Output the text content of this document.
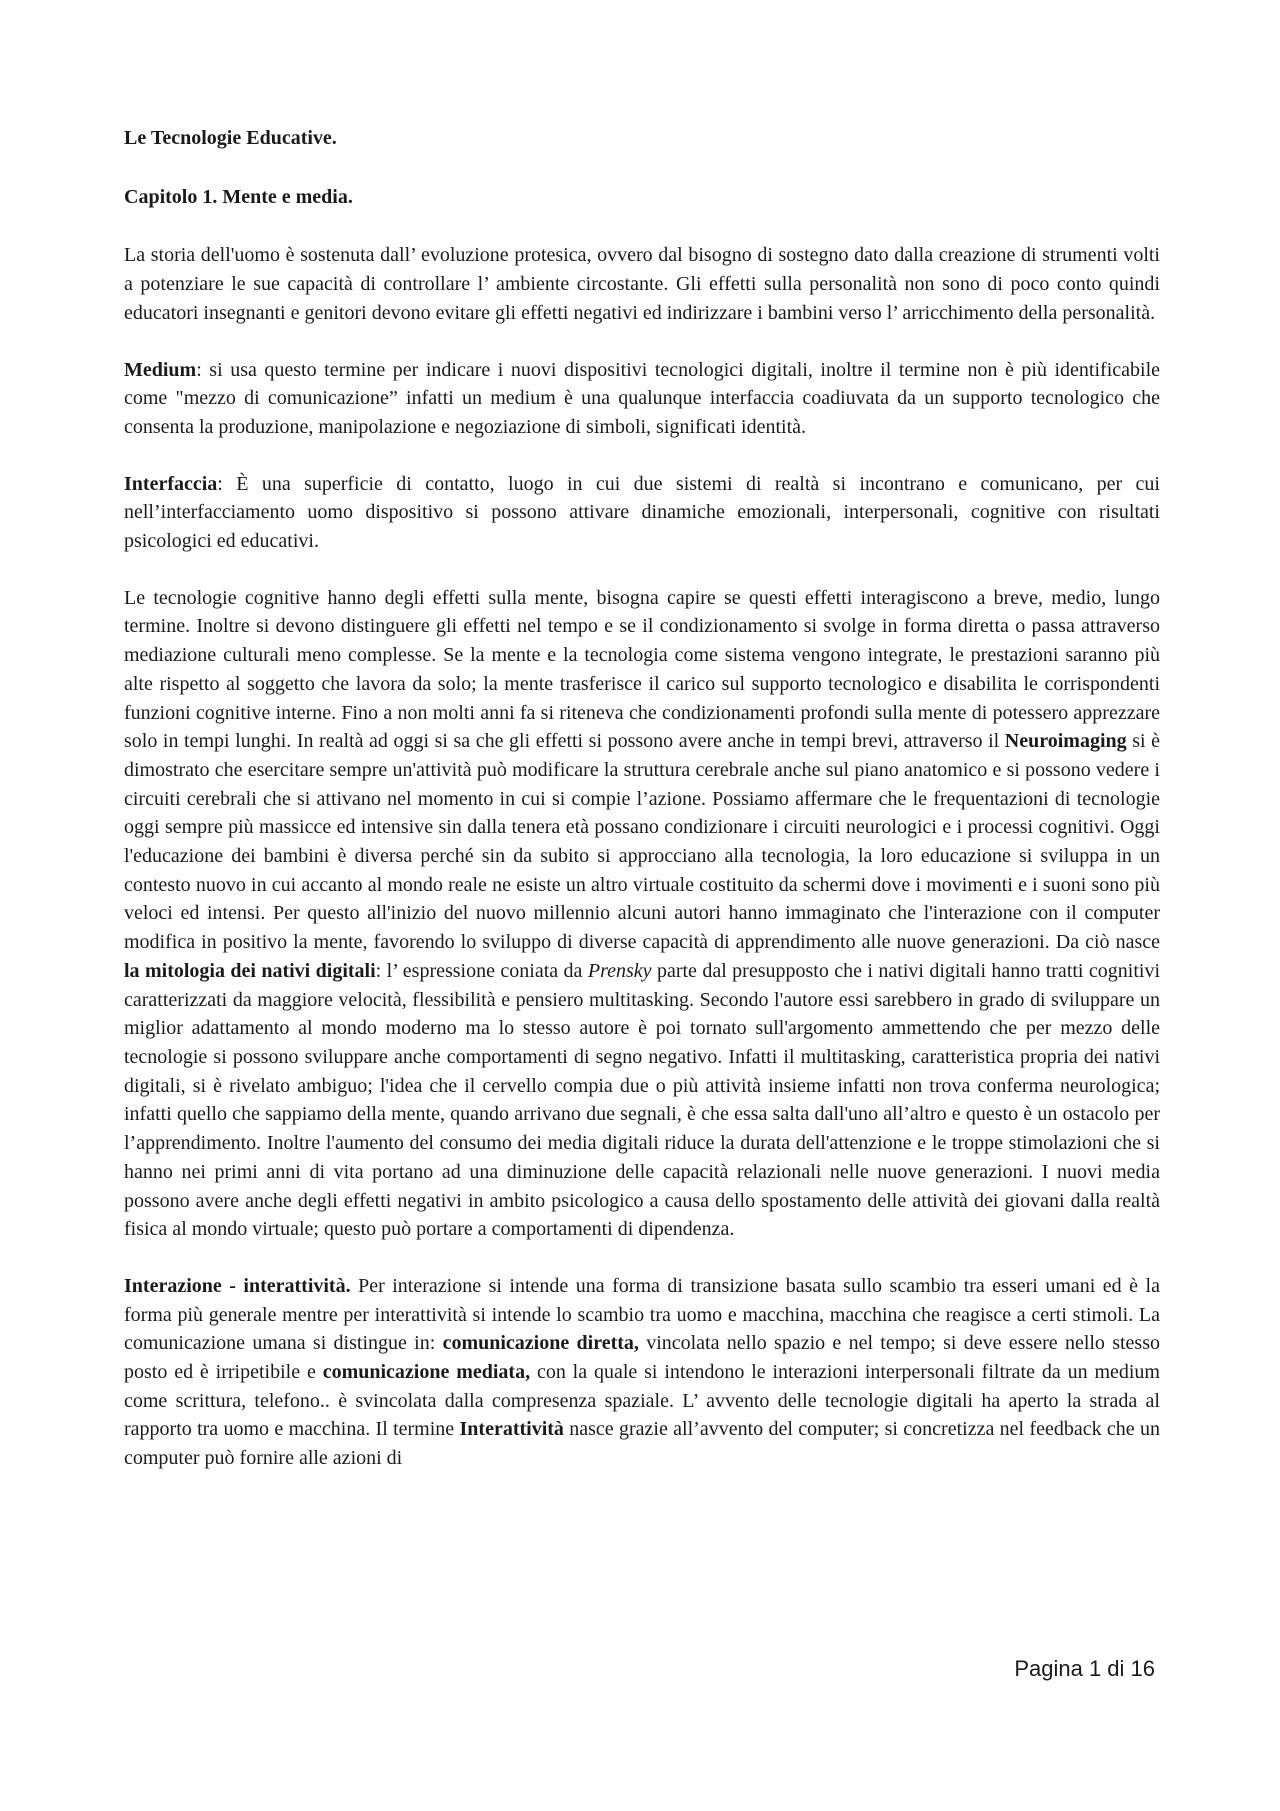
Le Tecnologie Educative.
Capitolo 1. Mente e media.
La storia dell'uomo è sostenuta dall’ evoluzione protesica, ovvero dal bisogno di sostegno dato dalla creazione di strumenti volti a potenziare le sue capacità di controllare l’ ambiente circostante. Gli effetti sulla personalità non sono di poco conto quindi educatori insegnanti e genitori devono evitare gli effetti negativi ed indirizzare i bambini verso l’ arricchimento della personalità.
Medium: si usa questo termine per indicare i nuovi dispositivi tecnologici digitali, inoltre il termine non è più identificabile come "mezzo di comunicazione” infatti un medium è una qualunque interfaccia coadiuvata da un supporto tecnologico che consenta la produzione, manipolazione e negoziazione di simboli, significati identità.
Interfaccia: È una superficie di contatto, luogo in cui due sistemi di realtà si incontrano e comunicano, per cui nell’interfacciamento uomo dispositivo si possono attivare dinamiche emozionali, interpersonali, cognitive con risultati psicologici ed educativi.
Le tecnologie cognitive hanno degli effetti sulla mente, bisogna capire se questi effetti interagiscono a breve, medio, lungo termine. Inoltre si devono distinguere gli effetti nel tempo e se il condizionamento si svolge in forma diretta o passa attraverso mediazione culturali meno complesse. Se la mente e la tecnologia come sistema vengono integrate, le prestazioni saranno più alte rispetto al soggetto che lavora da solo; la mente trasferisce il carico sul supporto tecnologico e disabilita le corrispondenti funzioni cognitive interne. Fino a non molti anni fa si riteneva che condizionamenti profondi sulla mente di potessero apprezzare solo in tempi lunghi. In realtà ad oggi si sa che gli effetti si possono avere anche in tempi brevi, attraverso il Neuroimaging si è dimostrato che esercitare sempre un'attività può modificare la struttura cerebrale anche sul piano anatomico e si possono vedere i circuiti cerebrali che si attivano nel momento in cui si compie l’azione. Possiamo affermare che le frequentazioni di tecnologie oggi sempre più massicce ed intensive sin dalla tenera età possano condizionare i circuiti neurologici e i processi cognitivi. Oggi l'educazione dei bambini è diversa perché sin da subito si approcciano alla tecnologia, la loro educazione si sviluppa in un contesto nuovo in cui accanto al mondo reale ne esiste un altro virtuale costituito da schermi dove i movimenti e i suoni sono più veloci ed intensi. Per questo all'inizio del nuovo millennio alcuni autori hanno immaginato che l'interazione con il computer modifica in positivo la mente, favorendo lo sviluppo di diverse capacità di apprendimento alle nuove generazioni. Da ciò nasce la mitologia dei nativi digitali: l’ espressione coniata da Prensky parte dal presupposto che i nativi digitali hanno tratti cognitivi caratterizzati da maggiore velocità, flessibilità e pensiero multitasking. Secondo l'autore essi sarebbero in grado di sviluppare un miglior adattamento al mondo moderno ma lo stesso autore è poi tornato sull'argomento ammettendo che per mezzo delle tecnologie si possono sviluppare anche comportamenti di segno negativo. Infatti il multitasking, caratteristica propria dei nativi digitali, si è rivelato ambiguo; l'idea che il cervello compia due o più attività insieme infatti non trova conferma neurologica; infatti quello che sappiamo della mente, quando arrivano due segnali, è che essa salta dall'uno all’altro e questo è un ostacolo per l’apprendimento. Inoltre l'aumento del consumo dei media digitali riduce la durata dell'attenzione e le troppe stimolazioni che si hanno nei primi anni di vita portano ad una diminuzione delle capacità relazionali nelle nuove generazioni. I nuovi media possono avere anche degli effetti negativi in ambito psicologico a causa dello spostamento delle attività dei giovani dalla realtà fisica al mondo virtuale; questo può portare a comportamenti di dipendenza.
Interazione - interattività. Per interazione si intende una forma di transizione basata sullo scambio tra esseri umani ed è la forma più generale mentre per interattività si intende lo scambio tra uomo e macchina, macchina che reagisce a certi stimoli. La comunicazione umana si distingue in: comunicazione diretta, vincolata nello spazio e nel tempo; si deve essere nello stesso posto ed è irripetibile e comunicazione mediata, con la quale si intendono le interazioni interpersonali filtrate da un medium come scrittura, telefono.. è svincolata dalla compresenza spaziale. L’ avvento delle tecnologie digitali ha aperto la strada al rapporto tra uomo e macchina. Il termine Interattività nasce grazie all’avvento del computer; si concretizza nel feedback che un computer può fornire alle azioni di
Pagina 1 di 16
